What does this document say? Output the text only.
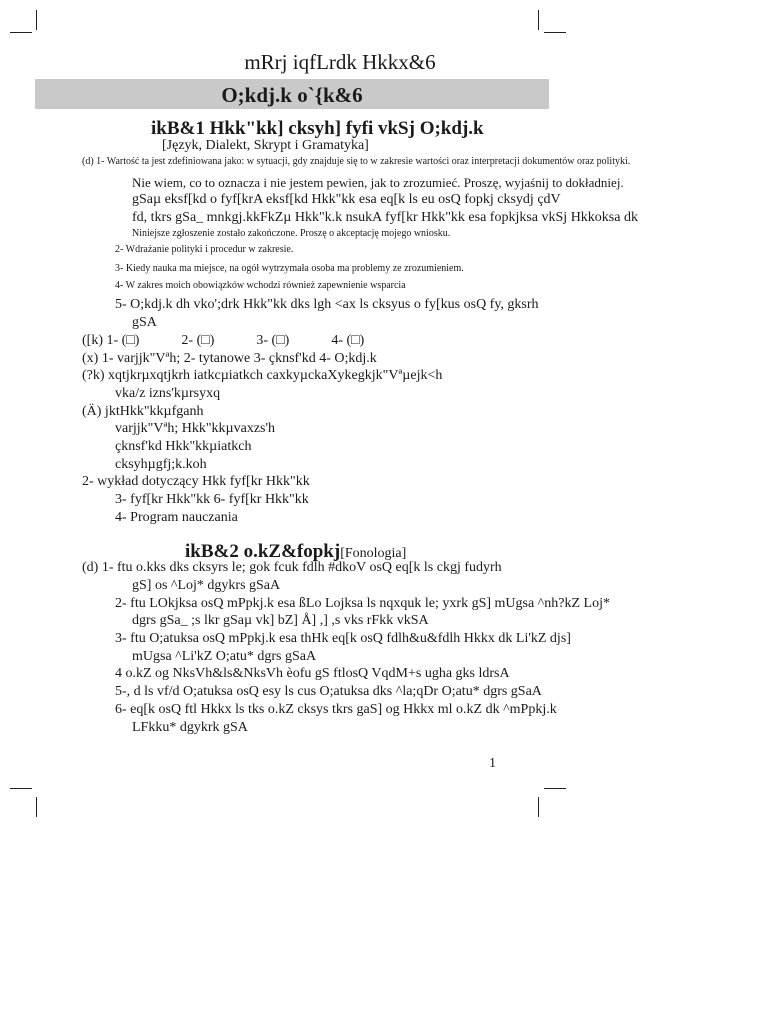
mRrj iqfLrdk Hkkx&6
O;kdj.k o`{k&6
ikB&1 Hkk"kk] cksyh] fyfi vkSj O;kdj.k
[Język, Dialekt, Skrypt i Gramatyka]
(d) 1- Wartość ta jest zdefiniowana jako: w sytuacji, gdy znajduje się to w zakresie wartości oraz interpretacji dokumentów oraz polityki.
Nie wiem, co to oznacza i nie jestem pewien, jak to zrozumieć. Proszę, wyjaśnij to dokładniej.
gSaµ eksf[kd o fyf[krA eksf[kd Hkk"kk esa eq[k ls eu osQ fopkj cksydj çdV
fd, tkrs gSa_ mnkgj.kkFkZµ Hkk"k.k nsukA fyf[kr Hkk"kk esa fopkjksa vkSj Hkkoksa dk
Niniejsze zgłoszenie zostało zakończone. Proszę o akceptację mojego wniosku.
2- Wdrażanie polityki i procedur w zakresie.
3- Kiedy nauka ma miejsce, na ogół wytrzymała osoba ma problemy ze zrozumieniem.
4- W zakres moich obowiązków wchodzi również zapewnienie wsparcia
5- O;kdj.k dh vko';drk Hkk"kk dks lgh <ax ls cksyus o fy[kus osQ fy, gksrh
gSA
([k) 1- (□)            2- (□)            3- (□)            4- (□)
(x) 1- varjjk"Vªh; 2- tytanowe 3- çknsf'kd 4- O;kdj.k
(?k) xqtjkrµxqtjkrh iatkcµiatkch caxkyµckaXykegkjk"Vªµejk<h
vka/z izns'kµrsyxq
(Ä) jktHkk"kkµfganh
varjjk"Vªh; Hkk"kkµvaxzs'h
çknsf'kd Hkk"kkµiatkch
cksyhµgfj;k.koh
2- wykład dotyczący Hkk fyf[kr Hkk"kk
3- fyf[kr Hkk"kk 6- fyf[kr Hkk"kk
4- Program nauczania
ikB&2 o.kZ&fopkj[Fonologia]
(d) 1- ftu o.kks dks cksyrs le; gok fcuk fdlh #dkoV osQ eq[k ls ckgj fudyrh
gS] os ^Loj* dgykrs gSaA
2- ftu LOkjksa osQ mPpkj.k esa ßLo Lojksa ls nqxquk le; yxrk gS] mUgsa ^nh?kZ Loj*
dgrs gSa_ ;s lkr gSaµ vk] bZ] Å] ,] ,s vks rFkk vkSA
3- ftu O;atuksa osQ mPpkj.k esa thHk eq[k osQ fdlh&u&fdlh Hkkx dk Li'kZ djs]
mUgsa ^Li'kZ O;atu* dgrs gSaA
4 o.kZ og NksVh&ls&NksVh èofu gS ftlosQ VqdM+s ugha gks ldrsA
5-, d ls vf/d O;atuksa osQ esy ls cus O;atuksa dks ^la;qDr O;atu* dgrs gSaA
6- eq[k osQ ftl Hkkx ls tks o.kZ cksys tkrs gaS] og Hkkx ml o.kZ dk ^mPpkj.k
LFkku* dgykrk gSA
1
